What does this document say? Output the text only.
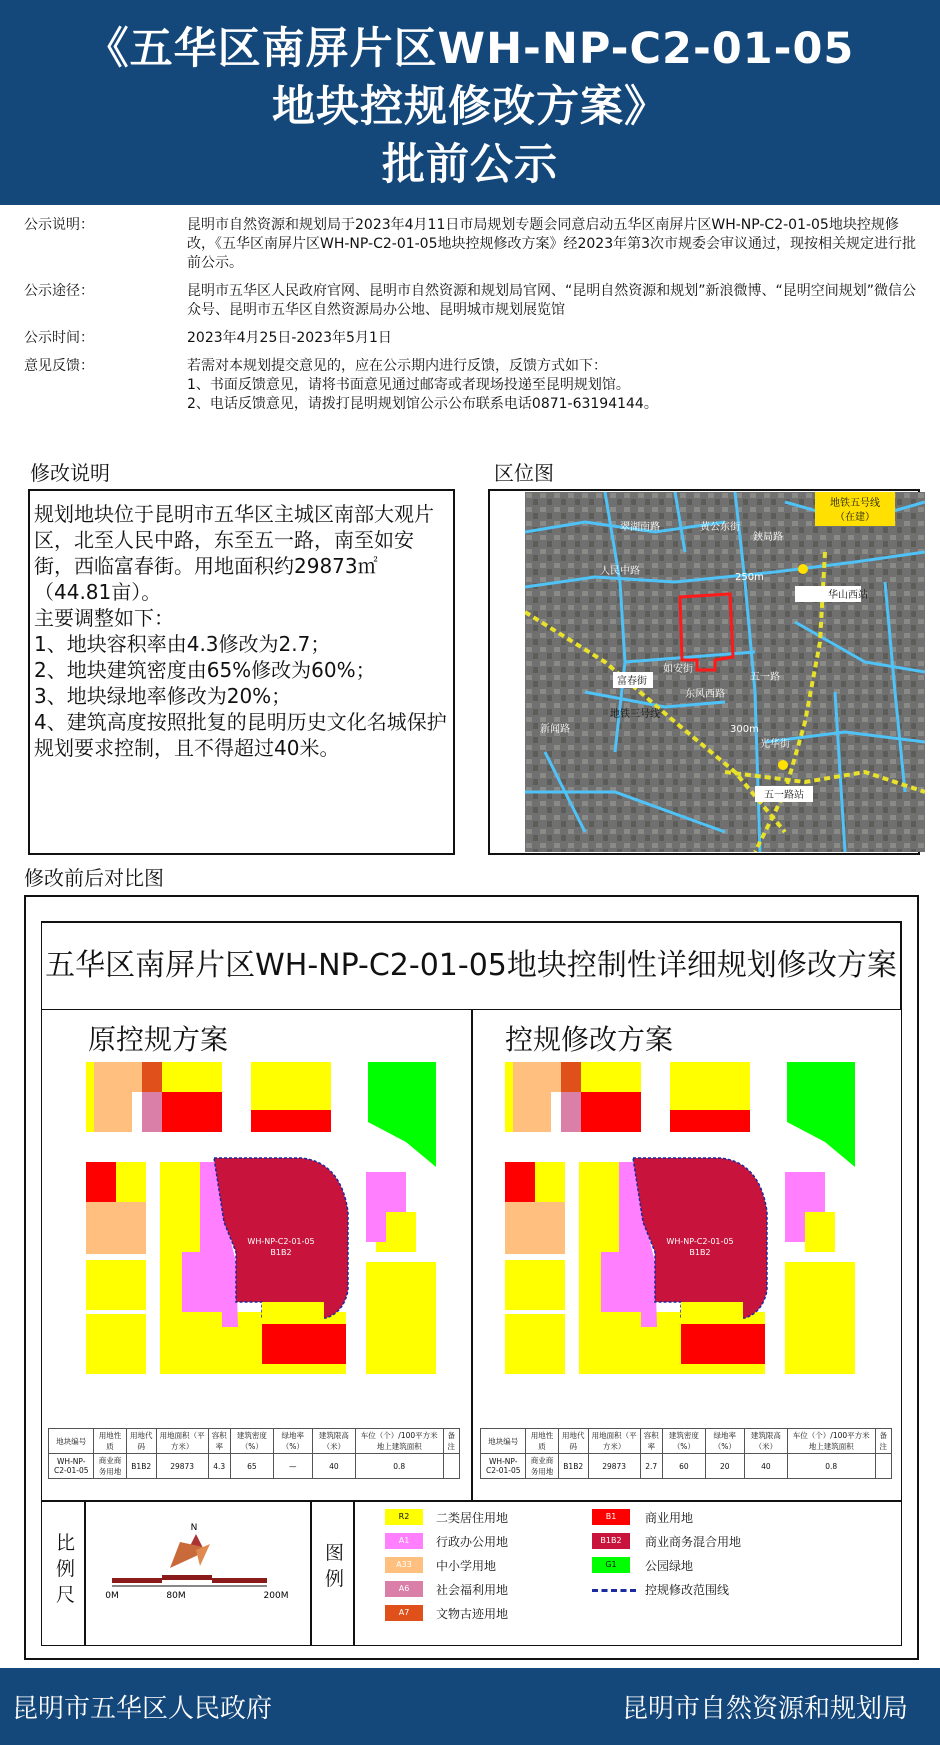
《五华区南屏片区WH-NP-C2-01-05
地块控规修改方案》
批前公示
公示说明：	昆明市自然资源和规划局于2023年4月11日市局规划专题会同意启动五华区南屏片区WH-NP-C2-01-05地块控规修改，《五华区南屏片区WH-NP-C2-01-05地块控规修改方案》经2023年第3次市规委会审议通过，现按相关规定进行批前公示。
公示途径：	昆明市五华区人民政府官网、昆明市自然资源和规划局官网、“昆明自然资源和规划”新浪微博、“昆明空间规划”微信公众号、昆明市五华区自然资源局办公地、昆明城市规划展览馆
公示时间：	2023年4月25日-2023年5月1日
意见反馈：	若需对本规划提交意见的，应在公示期内进行反馈，反馈方式如下：
1、书面反馈意见，请将书面意见通过邮寄或者现场投递至昆明规划馆。
2、电话反馈意见，请拨打昆明规划馆公示公布联系电话0871-63194144。
修改说明
规划地块位于昆明市五华区主城区南部大观片区，北至人民中路，东至五一路，南至如安街，西临富春街。用地面积约29873㎡（44.81亩）。
主要调整如下：
1、地块容积率由4.3修改为2.7；
2、地块建筑密度由65%修改为60%；
3、地块绿地率修改为20%；
4、建筑高度按照批复的昆明历史文化名城保护规划要求控制，且不得超过40米。
区位图
地铁五号线
（在建）
翠湖南路	黄公东街
鋏局路
人民中路
250m
华山西站
富春街
如安街
五一路
东风西路
地铁三号线
新闻路	300m
光华街
五一路站
修改前后对比图
五华区南屏片区WH-NP-C2-01-05地块控制性详细规划修改方案
原控规方案	控规修改方案
WH-NP-C2-01-05
B1B2
WH-NP-C2-01-05
B1B2
地块编号	用地性质	用地代码	用地面积（平方米）	容积率	建筑密度（%）	绿地率（%）	建筑限高（米）	车位（个）/100平方米地上建筑面积	备注
WH-NP-C2-01-05	商业商务用地	B1B2	29873	4.3	65	—	40	0.8	
地块编号	用地性质	用地代码	用地面积（平方米）	容积率	建筑密度（%）	绿地率（%）	建筑限高（米）	车位（个）/100平方米地上建筑面积	备注
WH-NP-C2-01-05	商业商务用地	B1B2	29873	2.7	60	20	40	0.8	
比例尺
N
0M	80M	200M
图例
R2	二类居住用地
A1	行政办公用地
A33	中小学用地
A6	社会福利用地
A7	文物古迹用地
B1	商业用地
B1B2	商业商务混合用地
G1	公园绿地
控规修改范围线
昆明市五华区人民政府	昆明市自然资源和规划局
